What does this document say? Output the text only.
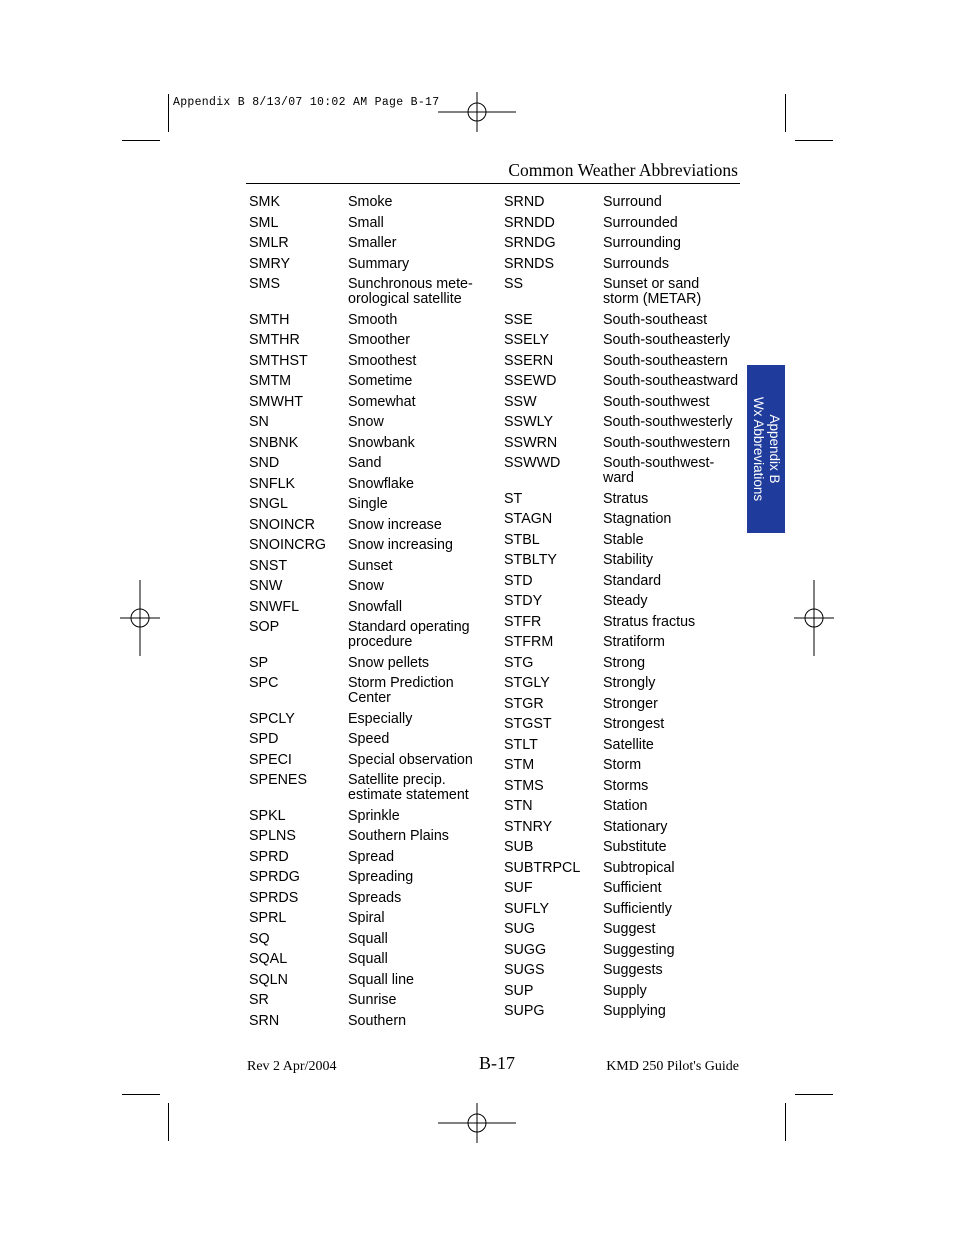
Appendix B 8/13/07 10:02 AM Page B-17
Common Weather Abbreviations
Appendix B
Wx Abbreviations
SMK	Smoke
SML	Small
SMLR	Smaller
SMRY	Summary
SMS	Sunchronous mete-
orological satellite
SMTH	Smooth
SMTHR	Smoother
SMTHST	Smoothest
SMTM	Sometime
SMWHT	Somewhat
SN	Snow
SNBNK	Snowbank
SND	Sand
SNFLK	Snowflake
SNGL	Single
SNOINCR	Snow increase
SNOINCRG	Snow increasing
SNST	Sunset
SNW	Snow
SNWFL	Snowfall
SOP	Standard operating
procedure
SP	Snow pellets
SPC	Storm Prediction
Center
SPCLY	Especially
SPD	Speed
SPECI	Special observation
SPENES	Satellite precip.
estimate statement
SPKL	Sprinkle
SPLNS	Southern Plains
SPRD	Spread
SPRDG	Spreading
SPRDS	Spreads
SPRL	Spiral
SQ	Squall
SQAL	Squall
SQLN	Squall line
SR	Sunrise
SRN	Southern
SRND	Surround
SRNDD	Surrounded
SRNDG	Surrounding
SRNDS	Surrounds
SS	Sunset or sand
storm (METAR)
SSE	South-southeast
SSELY	South-southeasterly
SSERN	South-southeastern
SSEWD	South-southeastward
SSW	South-southwest
SSWLY	South-southwesterly
SSWRN	South-southwestern
SSWWD	South-southwest-
ward
ST	Stratus
STAGN	Stagnation
STBL	Stable
STBLTY	Stability
STD	Standard
STDY	Steady
STFR	Stratus fractus
STFRM	Stratiform
STG	Strong
STGLY	Strongly
STGR	Stronger
STGST	Strongest
STLT	Satellite
STM	Storm
STMS	Storms
STN	Station
STNRY	Stationary
SUB	Substitute
SUBTRPCL	Subtropical
SUF	Sufficient
SUFLY	Sufficiently
SUG	Suggest
SUGG	Suggesting
SUGS	Suggests
SUP	Supply
SUPG	Supplying
Rev 2 Apr/2004	B-17	KMD 250 Pilot's Guide
